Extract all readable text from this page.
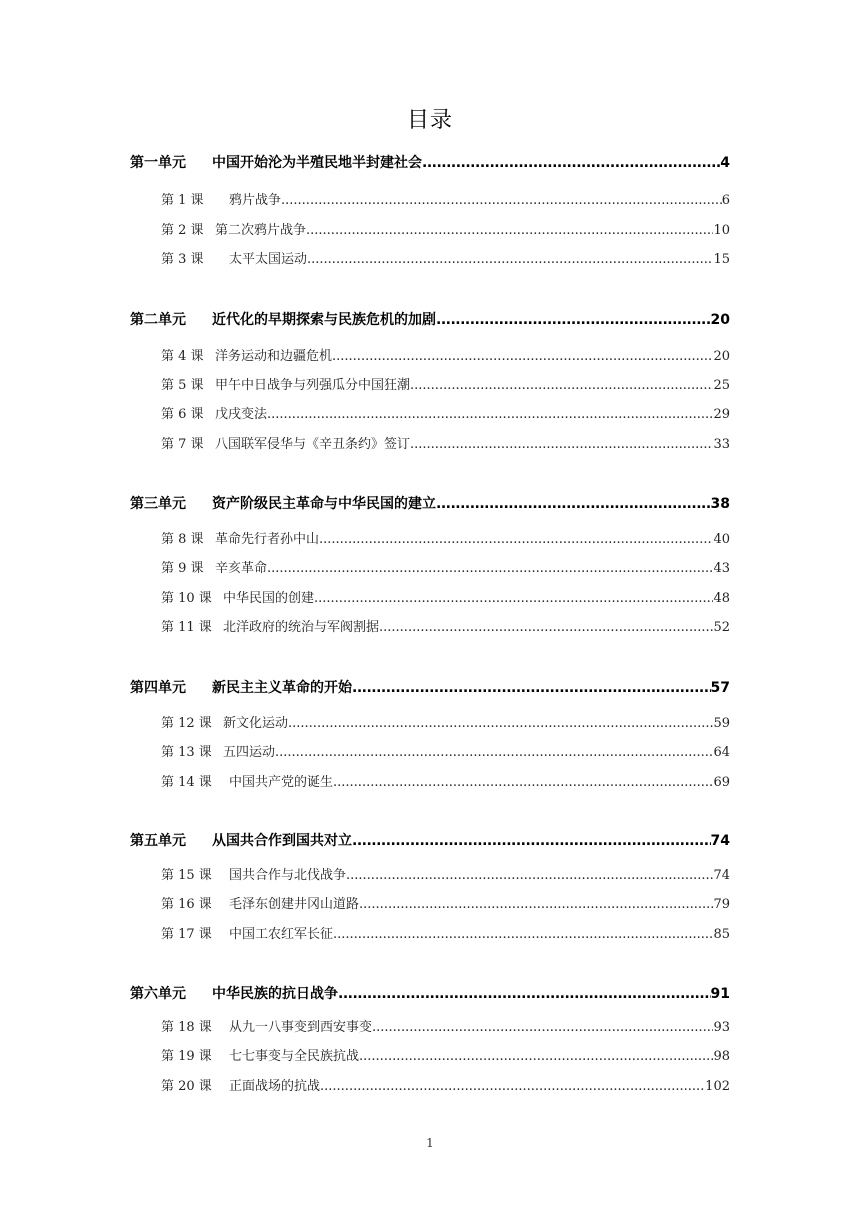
目录
第一单元 中国开始沦为半殖民地半封建社会 .....	4
第 1 课 鸦片战争 .....	6
第 2 课 第二次鸦片战争 .....	10
第 3 课 太平太国运动 .....	15
第二单元 近代化的早期探索与民族危机的加剧 .....	20
第 4 课 洋务运动和边疆危机 .....	20
第 5 课 甲午中日战争与列强瓜分中国狂潮 .....	25
第 6 课 戊戌变法 .....	29
第 7 课 八国联军侵华与《辛丑条约》签订 .....	33
第三单元 资产阶级民主革命与中华民国的建立 .....	38
第 8 课 革命先行者孙中山 .....	40
第 9 课 辛亥革命 .....	43
第 10 课 中华民国的创建 .....	48
第 11 课 北洋政府的统治与军阀割据 .....	52
第四单元 新民主主义革命的开始 .....	57
第 12 课 新文化运动 .....	59
第 13 课 五四运动 .....	64
第 14 课 中国共产党的诞生 .....	69
第五单元 从国共合作到国共对立 .....	74
第 15 课 国共合作与北伐战争 .....	74
第 16 课 毛泽东创建井冈山道路 .....	79
第 17 课 中国工农红军长征 .....	85
第六单元 中华民族的抗日战争 .....	91
第 18 课 从九一八事变到西安事变 .....	93
第 19 课 七七事变与全民族抗战 .....	98
第 20 课 正面战场的抗战 .....	102
1
